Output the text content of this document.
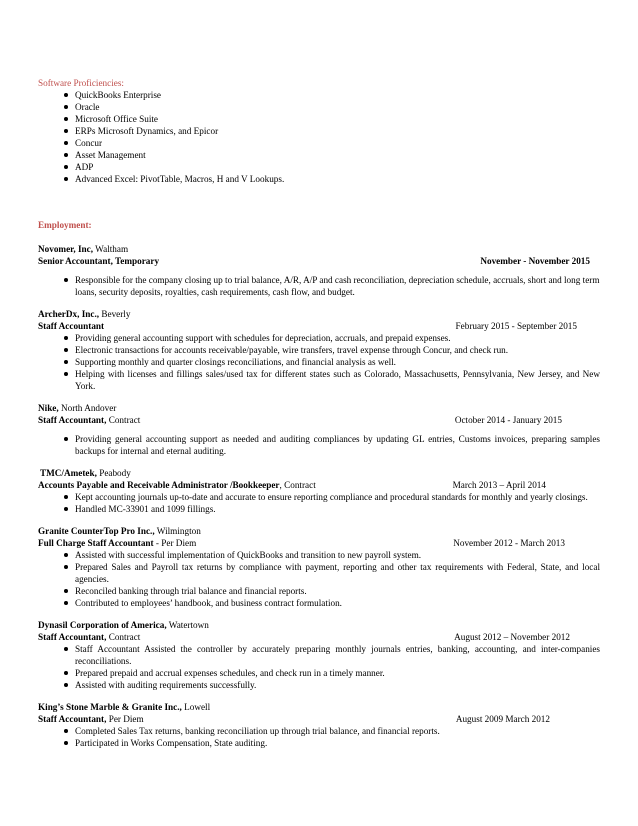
Software Proficiencies:
QuickBooks Enterprise
Oracle
Microsoft Office Suite
ERPs Microsoft Dynamics, and Epicor
Concur
Asset Management
ADP
Advanced Excel: PivotTable, Macros, H and V Lookups.
Employment:
Novomer, Inc, Waltham
Senior Accountant, Temporary	November - November 2015
Responsible for the company closing up to trial balance, A/R, A/P and cash reconciliation, depreciation schedule, accruals, short and long term loans, security deposits, royalties, cash requirements, cash flow, and budget.
ArcherDx, Inc., Beverly
Staff Accountant	February 2015 - September 2015
Providing general accounting support with schedules for depreciation, accruals, and prepaid expenses.
Electronic transactions for accounts receivable/payable, wire transfers, travel expense through Concur, and check run.
Supporting monthly and quarter closings reconciliations, and financial analysis as well.
Helping with licenses and fillings sales/used tax for different states such as Colorado, Massachusetts, Pennsylvania, New Jersey, and New York.
Nike, North Andover
Staff Accountant, Contract	October 2014 - January 2015
Providing general accounting support as needed and auditing compliances by updating GL entries, Customs invoices, preparing samples backups for internal and eternal auditing.
TMC/Ametek, Peabody
Accounts Payable and Receivable Administrator /Bookkeeper, Contract	March 2013 – April 2014
Kept accounting journals up-to-date and accurate to ensure reporting compliance and procedural standards for monthly and yearly closings.
Handled MC-33901 and 1099 fillings.
Granite CounterTop Pro Inc., Wilmington
Full Charge Staff Accountant - Per Diem	November 2012 - March 2013
Assisted with successful implementation of QuickBooks and transition to new payroll system.
Prepared Sales and Payroll tax returns by compliance with payment, reporting and other tax requirements with Federal, State, and local agencies.
Reconciled banking through trial balance and financial reports.
Contributed to employees’ handbook, and business contract formulation.
Dynasil Corporation of America, Watertown
Staff Accountant, Contract	August 2012 – November 2012
Staff Accountant Assisted the controller by accurately preparing monthly journals entries, banking, accounting, and inter-companies reconciliations.
Prepared prepaid and accrual expenses schedules, and check run in a timely manner.
Assisted with auditing requirements successfully.
King’s Stone Marble & Granite Inc., Lowell
Staff Accountant, Per Diem	August 2009 March 2012
Completed Sales Tax returns, banking reconciliation up through trial balance, and financial reports.
Participated in Works Compensation, State auditing.
